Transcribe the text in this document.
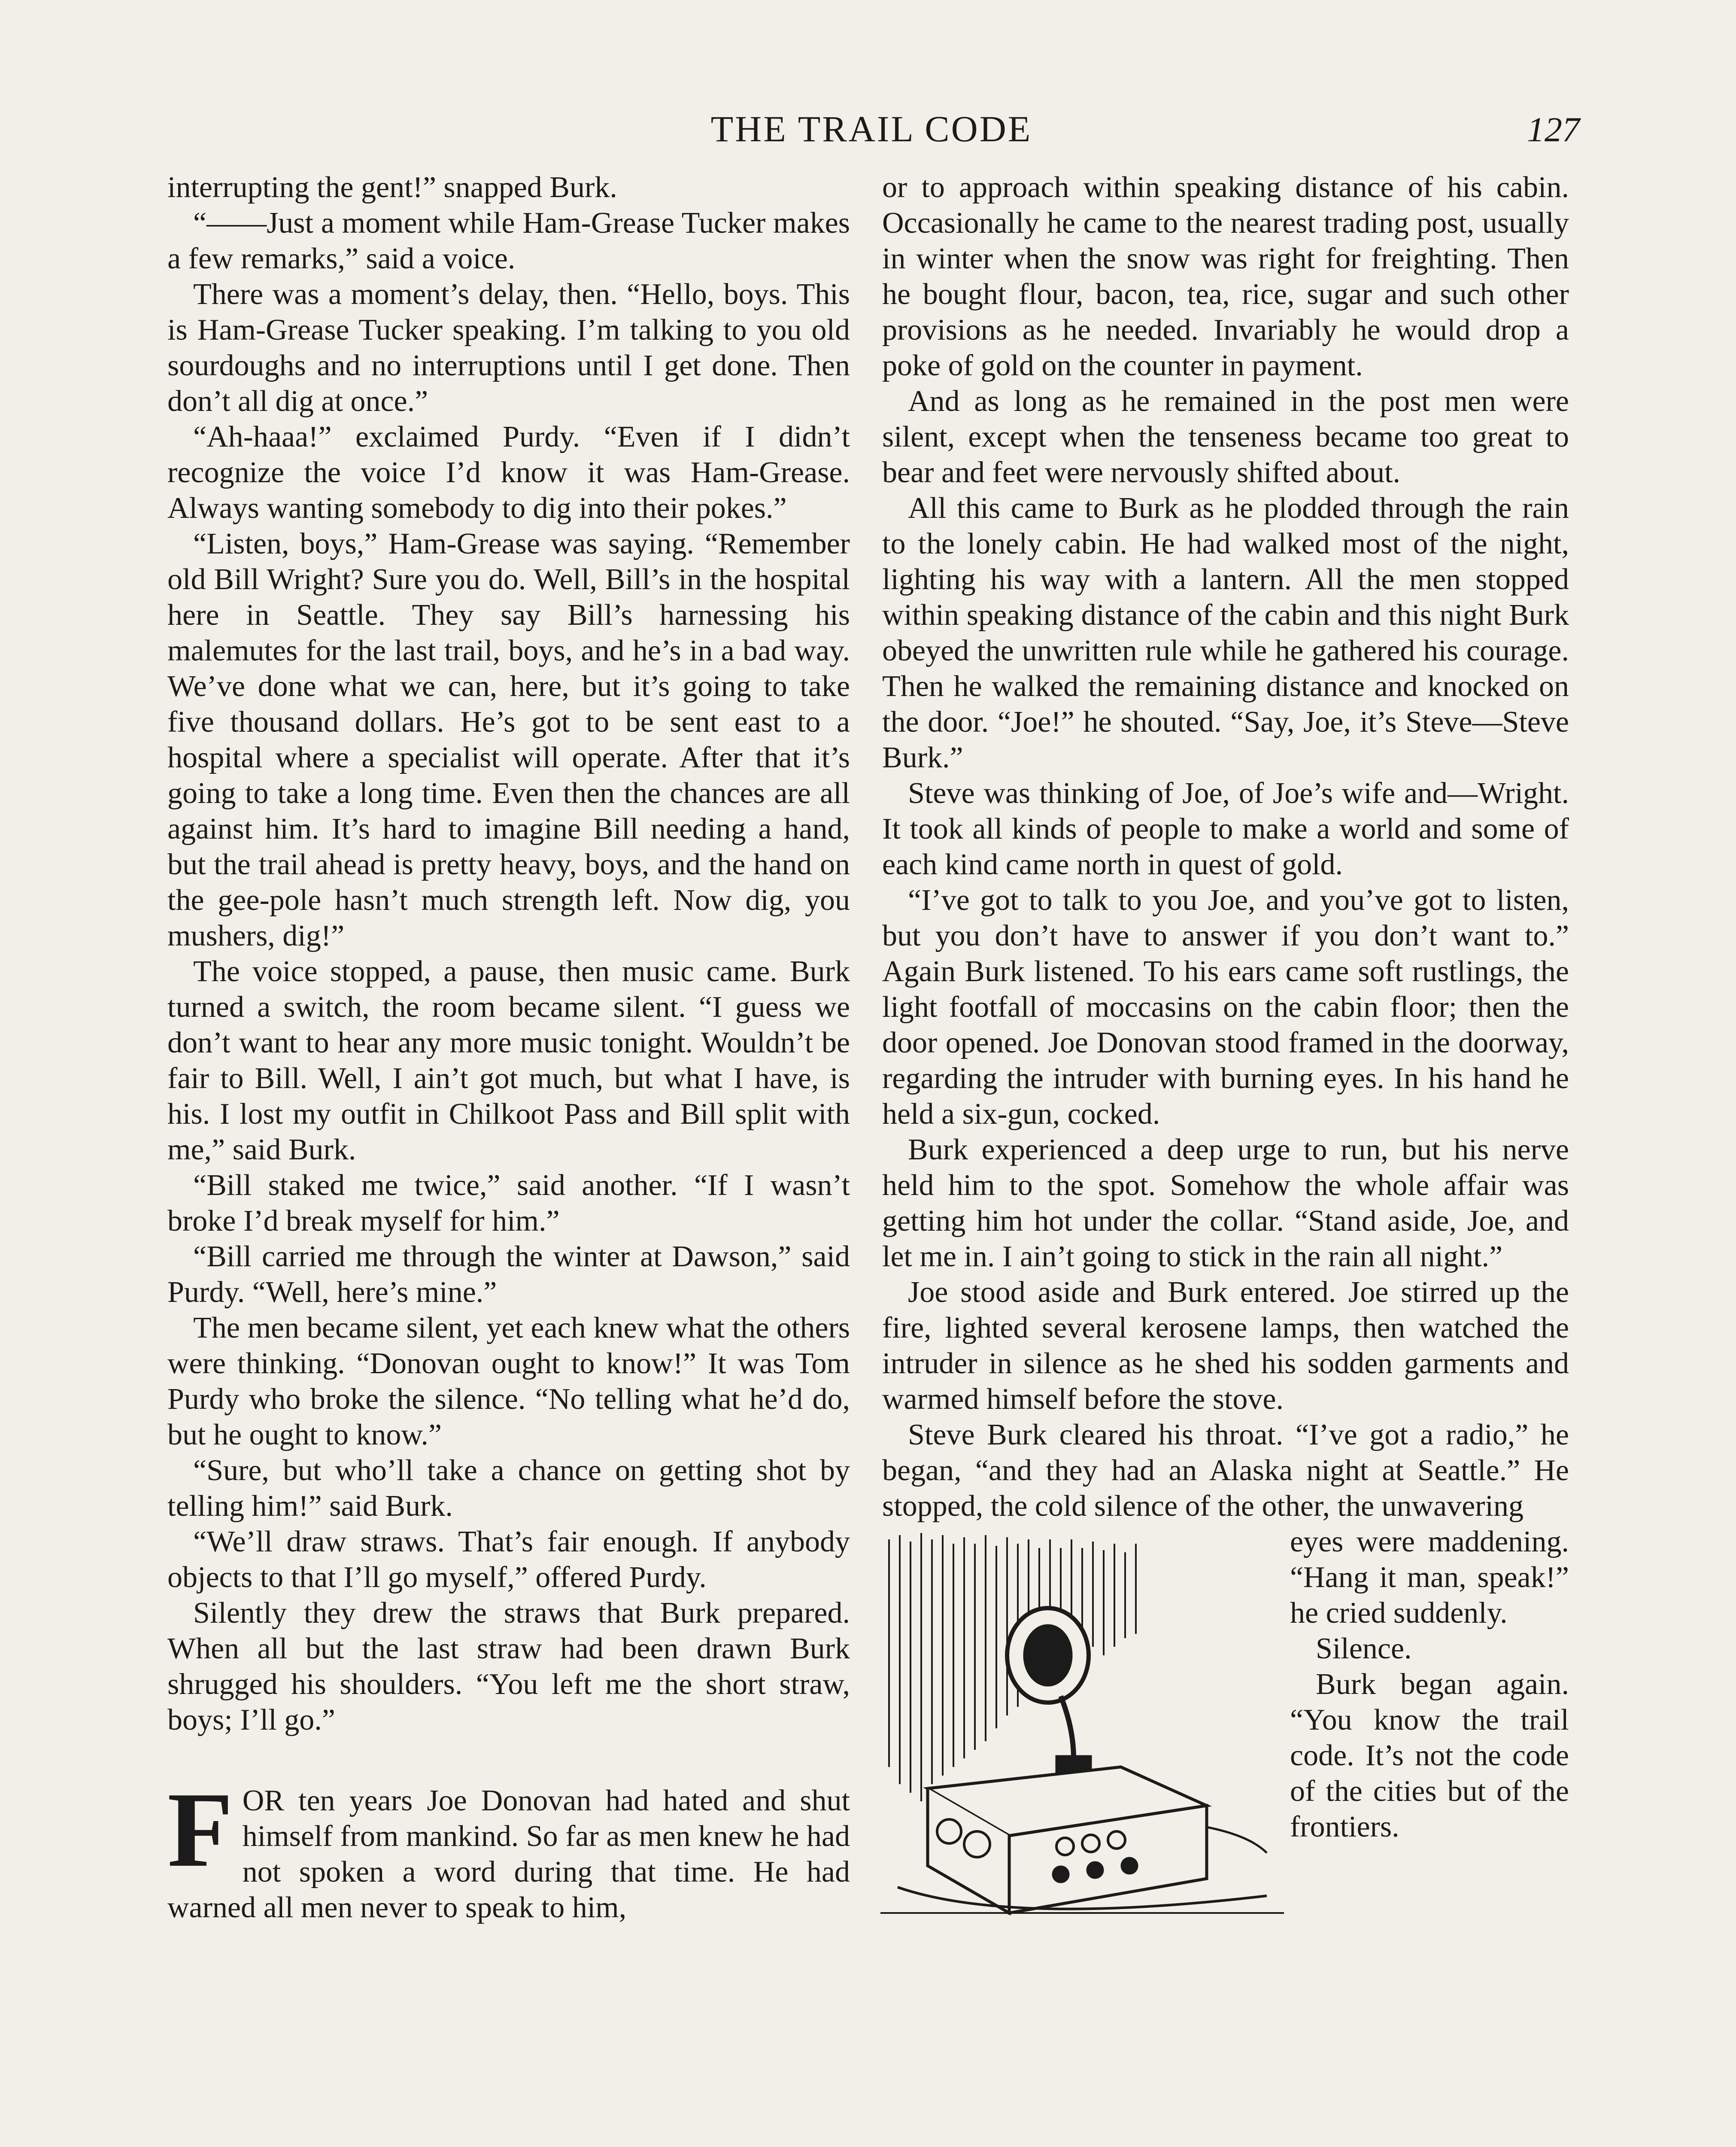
THE TRAIL CODE	127

interrupting the gent!” snapped Burk.

“——Just a moment while Ham-Grease Tucker makes a few remarks,” said a voice.

There was a moment’s delay, then. “Hello, boys. This is Ham-Grease Tucker speaking. I’m talking to you old sourdoughs and no interruptions until I get done. Then don’t all dig at once.”

“Ah-haaa!” exclaimed Purdy. “Even if I didn’t recognize the voice I’d know it was Ham-Grease. Always wanting somebody to dig into their pokes.”

“Listen, boys,” Ham-Grease was saying. “Remember old Bill Wright? Sure you do. Well, Bill’s in the hospital here in Seattle. They say Bill’s harnessing his malemutes for the last trail, boys, and he’s in a bad way. We’ve done what we can, here, but it’s going to take five thousand dollars. He’s got to be sent east to a hospital where a specialist will operate. After that it’s going to take a long time. Even then the chances are all against him. It’s hard to imagine Bill needing a hand, but the trail ahead is pretty heavy, boys, and the hand on the gee-pole hasn’t much strength left. Now dig, you mushers, dig!”

The voice stopped, a pause, then music came. Burk turned a switch, the room became silent. “I guess we don’t want to hear any more music tonight. Wouldn’t be fair to Bill. Well, I ain’t got much, but what I have, is his. I lost my outfit in Chilkoot Pass and Bill split with me,” said Burk.

“Bill staked me twice,” said another. “If I wasn’t broke I’d break myself for him.”

“Bill carried me through the winter at Dawson,” said Purdy. “Well, here’s mine.”

The men became silent, yet each knew what the others were thinking. “Donovan ought to know!” It was Tom Purdy who broke the silence. “No telling what he’d do, but he ought to know.”

“Sure, but who’ll take a chance on getting shot by telling him!” said Burk.

“We’ll draw straws. That’s fair enough. If anybody objects to that I’ll go myself,” offered Purdy.

Silently they drew the straws that Burk prepared. When all but the last straw had been drawn Burk shrugged his shoulders. “You left me the short straw, boys; I’ll go.”

FOR ten years Joe Donovan had hated and shut himself from mankind. So far as men knew he had not spoken a word during that time. He had warned all men never to speak to him,

or to approach within speaking distance of his cabin. Occasionally he came to the nearest trading post, usually in winter when the snow was right for freighting. Then he bought flour, bacon, tea, rice, sugar and such other provisions as he needed. Invariably he would drop a poke of gold on the counter in payment.

And as long as he remained in the post men were silent, except when the tenseness became too great to bear and feet were nervously shifted about.

All this came to Burk as he plodded through the rain to the lonely cabin. He had walked most of the night, lighting his way with a lantern. All the men stopped within speaking distance of the cabin and this night Burk obeyed the unwritten rule while he gathered his courage. Then he walked the remaining distance and knocked on the door. “Joe!” he shouted. “Say, Joe, it’s Steve—Steve Burk.”

Steve was thinking of Joe, of Joe’s wife and—Wright. It took all kinds of people to make a world and some of each kind came north in quest of gold.

“I’ve got to talk to you Joe, and you’ve got to listen, but you don’t have to answer if you don’t want to.” Again Burk listened. To his ears came soft rustlings, the light footfall of moccasins on the cabin floor; then the door opened. Joe Donovan stood framed in the doorway, regarding the intruder with burning eyes. In his hand he held a six-gun, cocked.

Burk experienced a deep urge to run, but his nerve held him to the spot. Somehow the whole affair was getting him hot under the collar. “Stand aside, Joe, and let me in. I ain’t going to stick in the rain all night.”

Joe stood aside and Burk entered. Joe stirred up the fire, lighted several kerosene lamps, then watched the intruder in silence as he shed his sodden garments and warmed himself before the stove.

Steve Burk cleared his throat. “I’ve got a radio,” he began, “and they had an Alaska night at Seattle.” He stopped, the cold silence of the other, the unwavering

eyes were maddening. “Hang it man, speak!” he cried suddenly.

Silence.

Burk began again. “You know the trail code. It’s not the code of the cities but of the frontiers.
